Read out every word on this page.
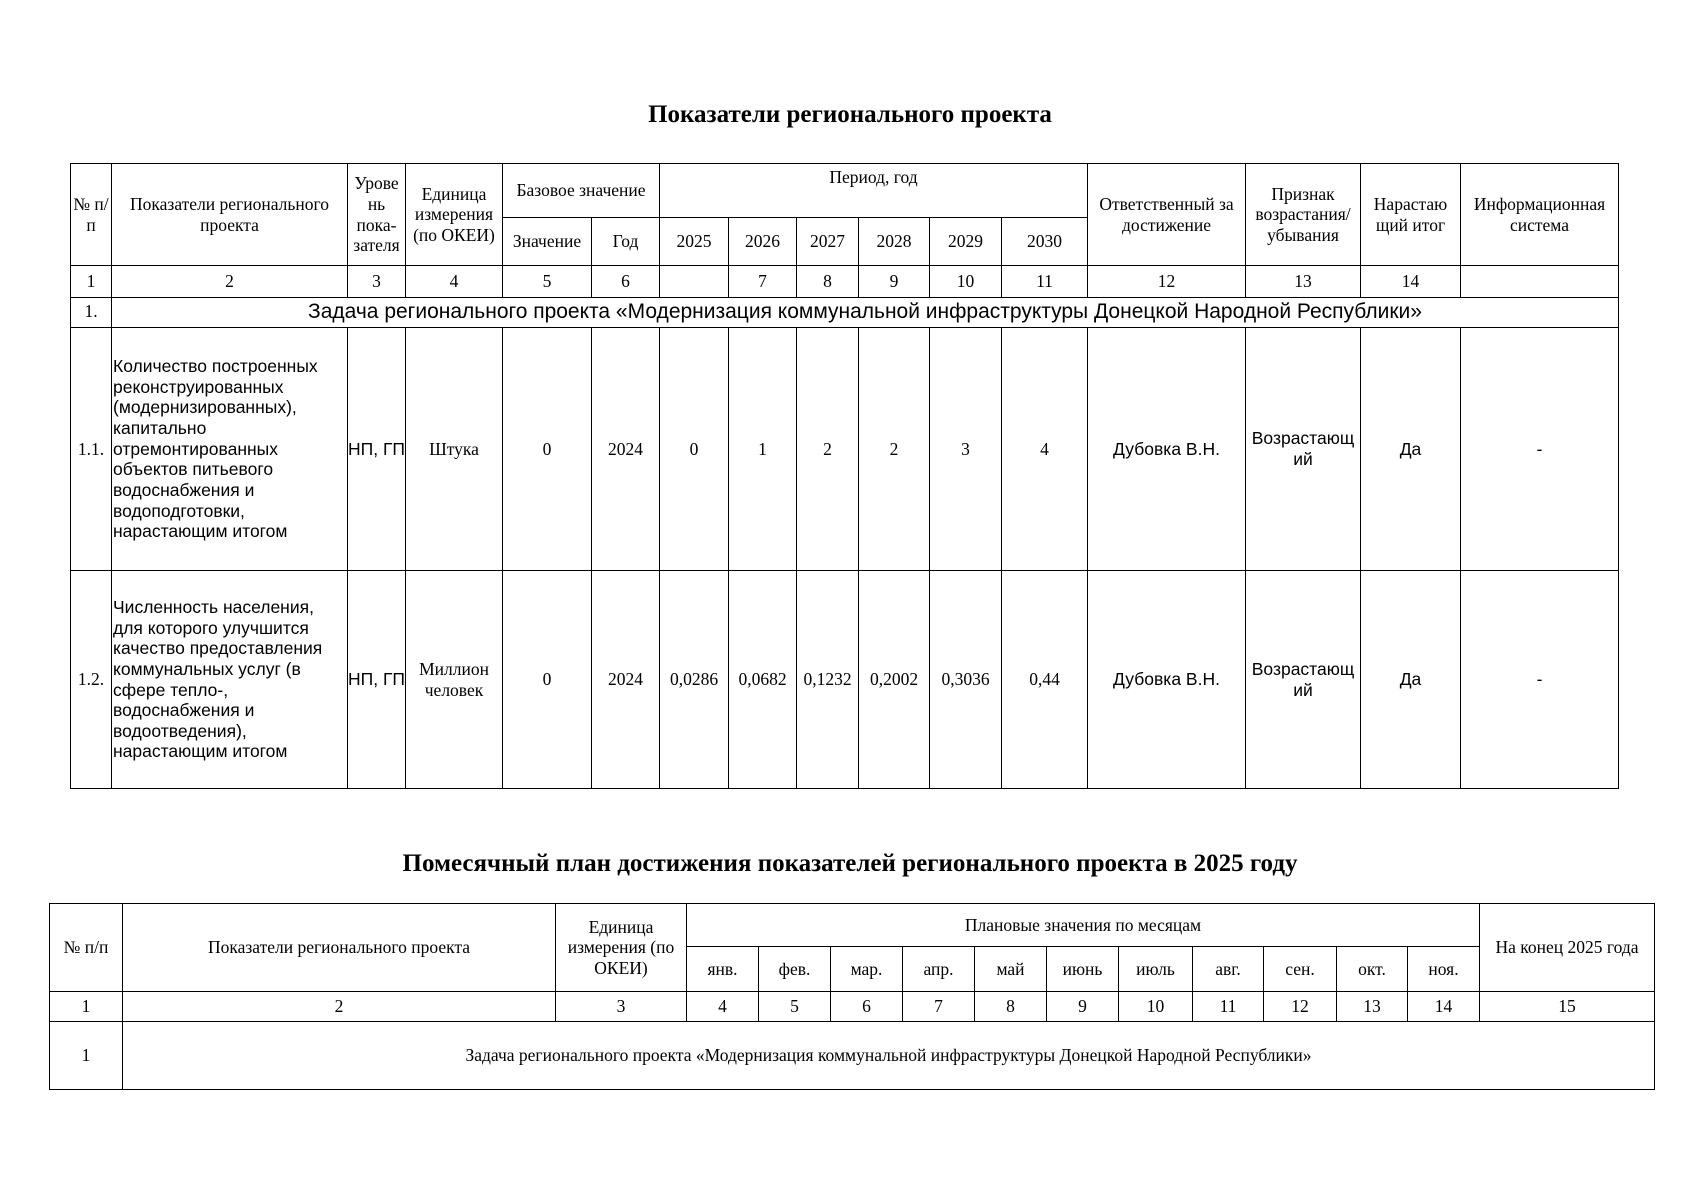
Показатели регионального проекта
№ п/п	Показатели регионального проекта	Урове нь пока-зателя	Единица измерения (по ОКЕИ)	Базовое значение		Период, год						Ответственный за достижение	Признак возрастания/ убывания	Нарастаю щий итог	Информационная система
				Значение	Год	2025	2026	2027	2028	2029	2030				
1	2	3	4	5	6		7	8	9	10	11	12	13	14	
1.	Задача регионального проекта «Модернизация коммунальной инфраструктуры Донецкой Народной Республики»														
1.1.	Количество построенных реконструированных (модернизированных), капитально отремонтированных объектов питьевого водоснабжения и водоподготовки, нарастающим итогом	НП, ГП	Штука	0	2024	0	1	2	2	3	4	Дубовка В.Н.	Возрастающ ий	Да	-
1.2.	Численность населения, для которого улучшится качество предоставления коммунальных услуг (в сфере тепло-, водоснабжения и водоотведения), нарастающим итогом	НП, ГП	Миллион человек	0	2024	0,0286	0,0682	0,1232	0,2002	0,3036	0,44	Дубовка В.Н.	Возрастающ ий	Да	-
Помесячный план достижения показателей регионального проекта в 2025 году
№ п/п	Показатели регионального проекта	Единица измерения (по ОКЕИ)	Плановые значения по месяцам											На конец 2025 года
			янв.	фев.	мар.	апр.	май	июнь	июль	авг.	сен.	окт.	ноя.	
1	2	3	4	5	6	7	8	9	10	11	12	13	14	15
1	Задача регионального проекта «Модернизация коммунальной инфраструктуры Донецкой Народной Республики»													
